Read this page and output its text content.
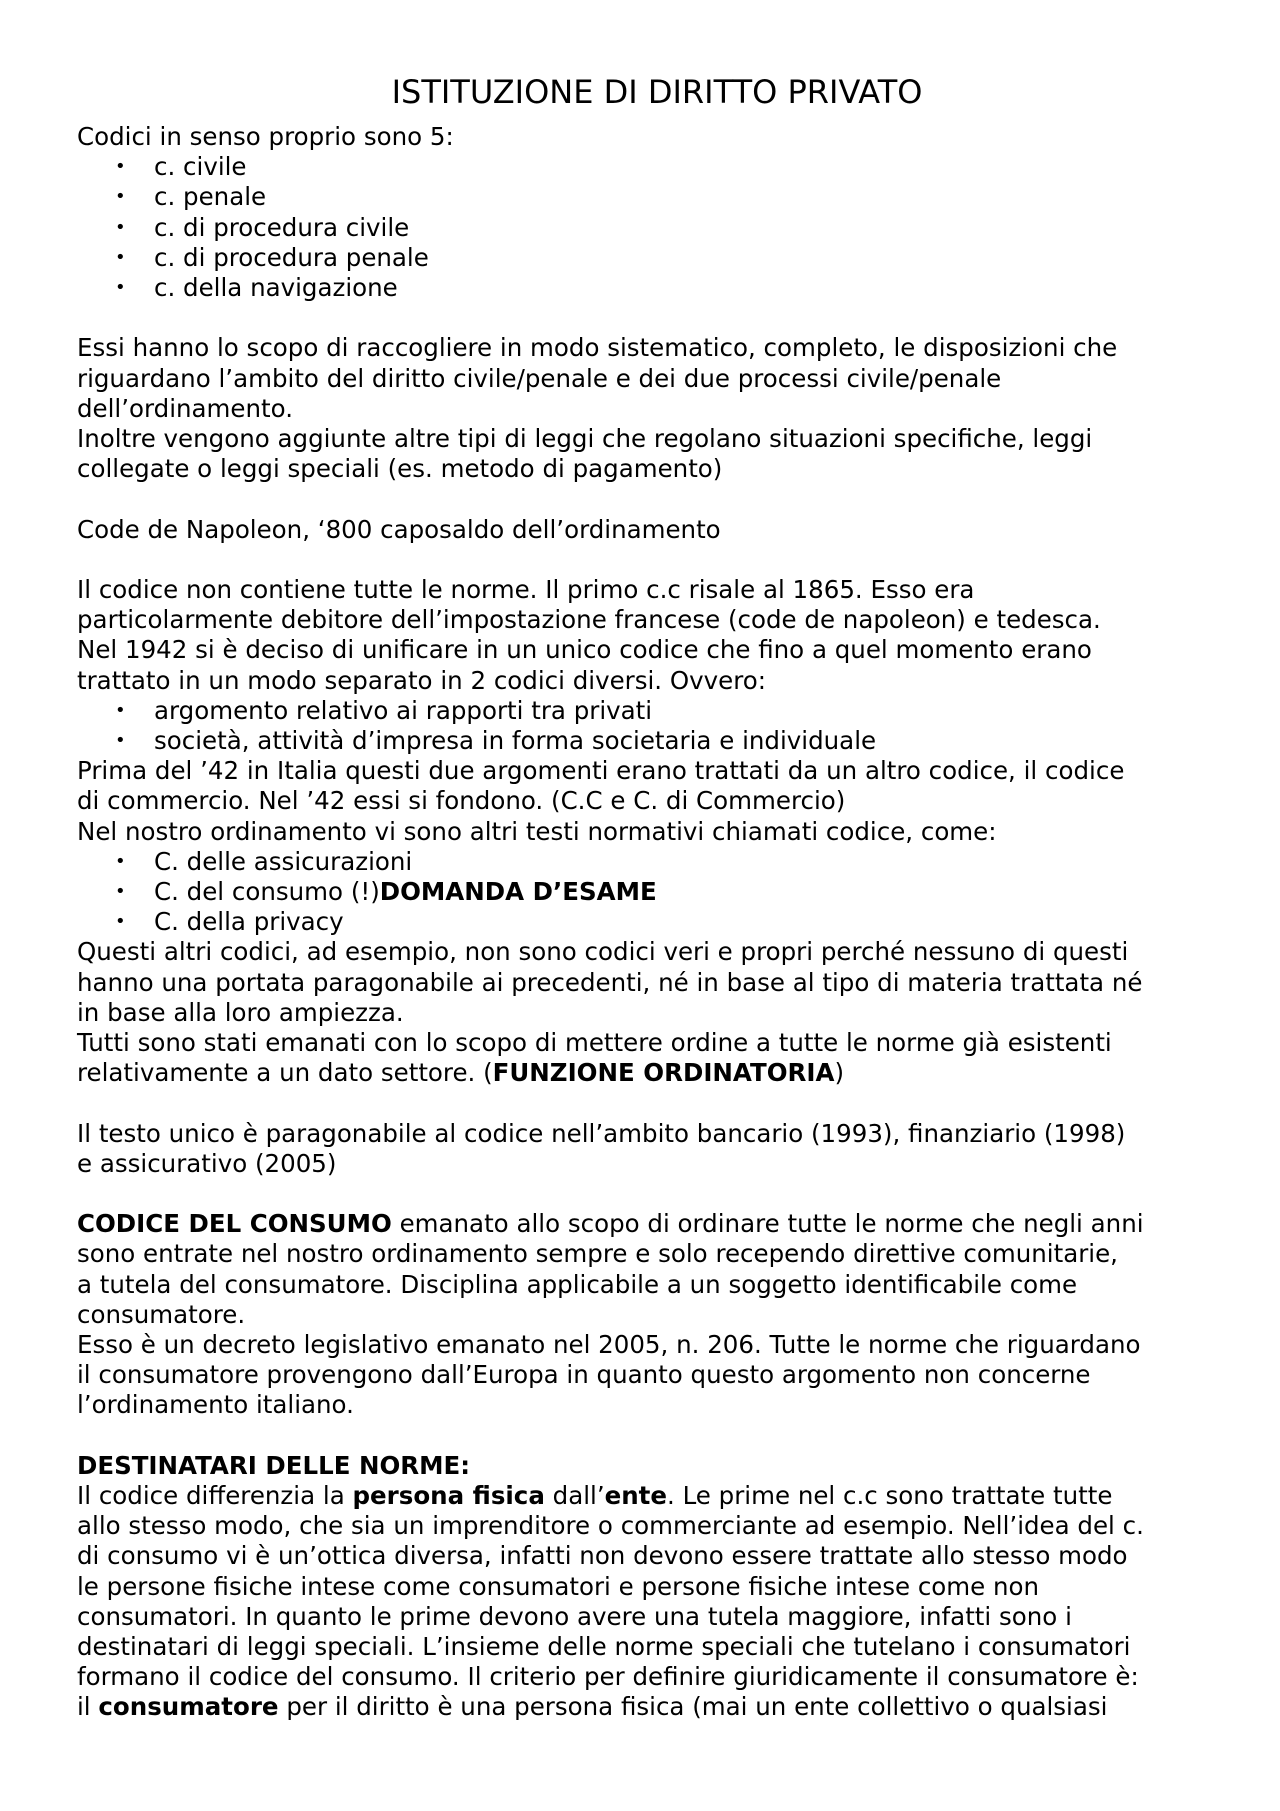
ISTITUZIONE DI DIRITTO PRIVATO

Codici in senso proprio sono 5:

• c. civile
• c. penale
• c. di procedura civile
• c. di procedura penale
• c. della navigazione

Essi hanno lo scopo di raccogliere in modo sistematico, completo, le disposizioni che

riguardano l’ambito del diritto civile/penale e dei due processi civile/penale

dell’ordinamento.

Inoltre vengono aggiunte altre tipi di leggi che regolano situazioni specifiche, leggi

collegate o leggi speciali (es. metodo di pagamento)

Code de Napoleon, ‘800 caposaldo dell’ordinamento

Il codice non contiene tutte le norme. Il primo c.c risale al 1865. Esso era

particolarmente debitore dell’impostazione francese (code de napoleon) e tedesca.

Nel 1942 si è deciso di unificare in un unico codice che fino a quel momento erano

trattato in un modo separato in 2 codici diversi. Ovvero:

• argomento relativo ai rapporti tra privati
• società, attività d’impresa in forma societaria e individuale

Prima del ’42 in Italia questi due argomenti erano trattati da un altro codice, il codice

di commercio. Nel ’42 essi si fondono. (C.C e C. di Commercio)

Nel nostro ordinamento vi sono altri testi normativi chiamati codice, come:

• C. delle assicurazioni
• C. del consumo (!)DOMANDA D’ESAME
• C. della privacy

Questi altri codici, ad esempio, non sono codici veri e propri perché nessuno di questi

hanno una portata paragonabile ai precedenti, né in base al tipo di materia trattata né

in base alla loro ampiezza.

Tutti sono stati emanati con lo scopo di mettere ordine a tutte le norme già esistenti

relativamente a un dato settore. (FUNZIONE ORDINATORIA)

Il testo unico è paragonabile al codice nell’ambito bancario (1993), finanziario (1998)

e assicurativo (2005)

CODICE DEL CONSUMO emanato allo scopo di ordinare tutte le norme che negli anni

sono entrate nel nostro ordinamento sempre e solo recependo direttive comunitarie,

a tutela del consumatore. Disciplina applicabile a un soggetto identificabile come

consumatore.

Esso è un decreto legislativo emanato nel 2005, n. 206. Tutte le norme che riguardano

il consumatore provengono dall’Europa in quanto questo argomento non concerne

l’ordinamento italiano.

DESTINATARI DELLE NORME:

Il codice differenzia la persona fisica dall’ente. Le prime nel c.c sono trattate tutte

allo stesso modo, che sia un imprenditore o commerciante ad esempio. Nell’idea del c.

di consumo vi è un’ottica diversa, infatti non devono essere trattate allo stesso modo

le persone fisiche intese come consumatori e persone fisiche intese come non

consumatori. In quanto le prime devono avere una tutela maggiore, infatti sono i

destinatari di leggi speciali. L’insieme delle norme speciali che tutelano i consumatori

formano il codice del consumo. Il criterio per definire giuridicamente il consumatore è:

il consumatore per il diritto è una persona fisica (mai un ente collettivo o qualsiasi
